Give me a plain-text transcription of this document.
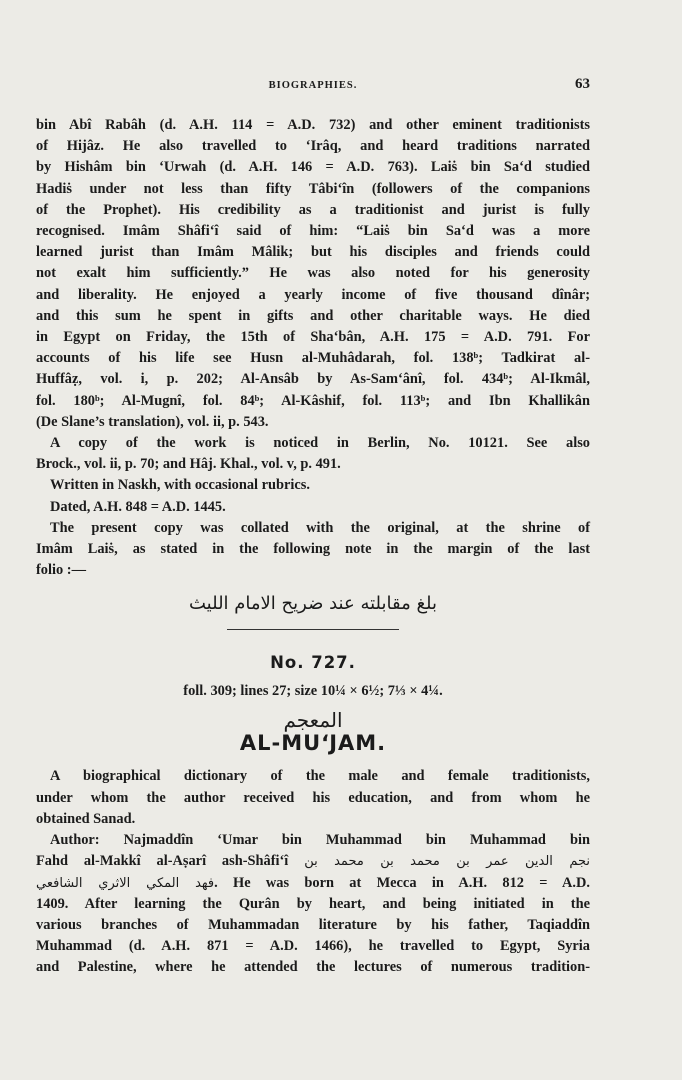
BIOGRAPHIES.	63
bin Abî Rabâh (d. A.H. 114 = A.D. 732) and other eminent traditionists
of Hijâz. He also travelled to ‘Irâq, and heard traditions narrated
by Hishâm bin ‘Urwah (d. A.H. 146 = A.D. 763). Laiṡ bin Sa‘d studied
Hadiṡ under not less than fifty Tâbi‘în (followers of the companions
of the Prophet). His credibility as a traditionist and jurist is fully
recognised. Imâm Shâfi‘î said of him: “Laiṡ bin Sa‘d was a more
learned jurist than Imâm Mâlik; but his disciples and friends could
not exalt him sufficiently.” He was also noted for his generosity
and liberality. He enjoyed a yearly income of five thousand dînâr;
and this sum he spent in gifts and other charitable ways. He died
in Egypt on Friday, the 15th of Sha‘bân, A.H. 175 = A.D. 791. For
accounts of his life see Husn al-Muhâdarah, fol. 138ᵇ; Tadkirat al-
Huffâẓ, vol. i, p. 202; Al-Ansâb by As-Sam‘ânî, fol. 434ᵇ; Al-Ikmâl,
fol. 180ᵇ; Al-Mugnî, fol. 84ᵇ; Al-Kâshif, fol. 113ᵇ; and Ibn Khallikân
(De Slane’s translation), vol. ii, p. 543.
A copy of the work is noticed in Berlin, No. 10121. See also
Brock., vol. ii, p. 70; and Hâj. Khal., vol. v, p. 491.
Written in Naskh, with occasional rubrics.
Dated, A.H. 848 = A.D. 1445.
The present copy was collated with the original, at the shrine of
Imâm Laiṡ, as stated in the following note in the margin of the last
folio :—
بلغ مقابلته عند ضريح الامام الليث
No. 727.
foll. 309; lines 27; size 10¼ × 6½; 7⅓ × 4¼.
المعجم
AL-MU‘JAM.
A biographical dictionary of the male and female traditionists,
under whom the author received his education, and from whom he
obtained Sanad.
Author: Najmaddîn ‘Umar bin Muhammad bin Muhammad bin
Fahd al-Makkî al-Aṣarî ash-Shâfi‘î نجم الدين عمر بن محمد بن محمد بن
فهد المكي الاثري الشافعي. He was born at Mecca in A.H. 812 = A.D.
1409. After learning the Qurân by heart, and being initiated in the
various branches of Muhammadan literature by his father, Taqiaddîn
Muhammad (d. A.H. 871 = A.D. 1466), he travelled to Egypt, Syria
and Palestine, where he attended the lectures of numerous tradition-
